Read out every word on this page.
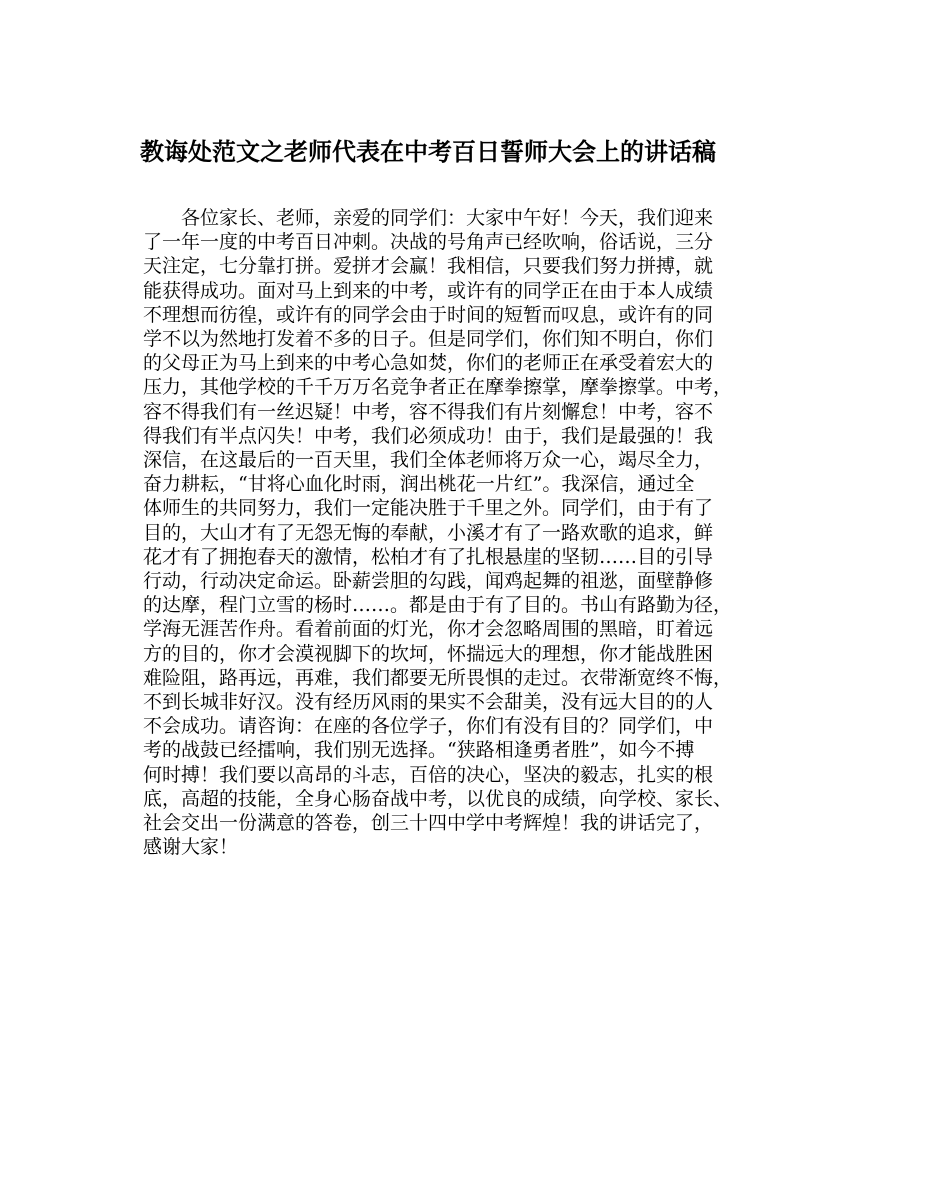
教诲处范文之老师代表在中考百日誓师大会上的讲话稿
各位家长、老师，亲爱的同学们：大家中午好！今天，我们迎来
了一年一度的中考百日冲刺。决战的号角声已经吹响，俗话说，三分
天注定，七分靠打拼。爱拼才会赢！我相信，只要我们努力拼搏，就
能获得成功。面对马上到来的中考，或许有的同学正在由于本人成绩
不理想而彷徨，或许有的同学会由于时间的短暂而叹息，或许有的同
学不以为然地打发着不多的日子。但是同学们，你们知不明白，你们
的父母正为马上到来的中考心急如焚，你们的老师正在承受着宏大的
压力，其他学校的千千万万名竞争者正在摩拳擦掌，摩拳擦掌。中考，
容不得我们有一丝迟疑！中考，容不得我们有片刻懈怠！中考，容不
得我们有半点闪失！中考，我们必须成功！由于，我们是最强的！我
深信，在这最后的一百天里，我们全体老师将万众一心，竭尽全力，
奋力耕耘，“甘将心血化时雨，润出桃花一片红”。我深信，通过全
体师生的共同努力，我们一定能决胜于千里之外。同学们，由于有了
目的，大山才有了无怨无悔的奉献，小溪才有了一路欢歌的追求，鲜
花才有了拥抱春天的激情，松柏才有了扎根悬崖的坚韧……目的引导
行动，行动决定命运。卧薪尝胆的勾践，闻鸡起舞的祖逖，面壁静修
的达摩，程门立雪的杨时……。都是由于有了目的。书山有路勤为径，
学海无涯苦作舟。看着前面的灯光，你才会忽略周围的黑暗，盯着远
方的目的，你才会漠视脚下的坎坷，怀揣远大的理想，你才能战胜困
难险阻，路再远，再难，我们都要无所畏惧的走过。衣带渐宽终不悔，
不到长城非好汉。没有经历风雨的果实不会甜美，没有远大目的的人
不会成功。请咨询：在座的各位学子，你们有没有目的？同学们，中
考的战鼓已经擂响，我们别无选择。“狭路相逢勇者胜”，如今不搏
何时搏！我们要以高昂的斗志，百倍的决心，坚决的毅志，扎实的根
底，高超的技能，全身心肠奋战中考，以优良的成绩，向学校、家长、
社会交出一份满意的答卷，创三十四中学中考辉煌！我的讲话完了，
感谢大家！
